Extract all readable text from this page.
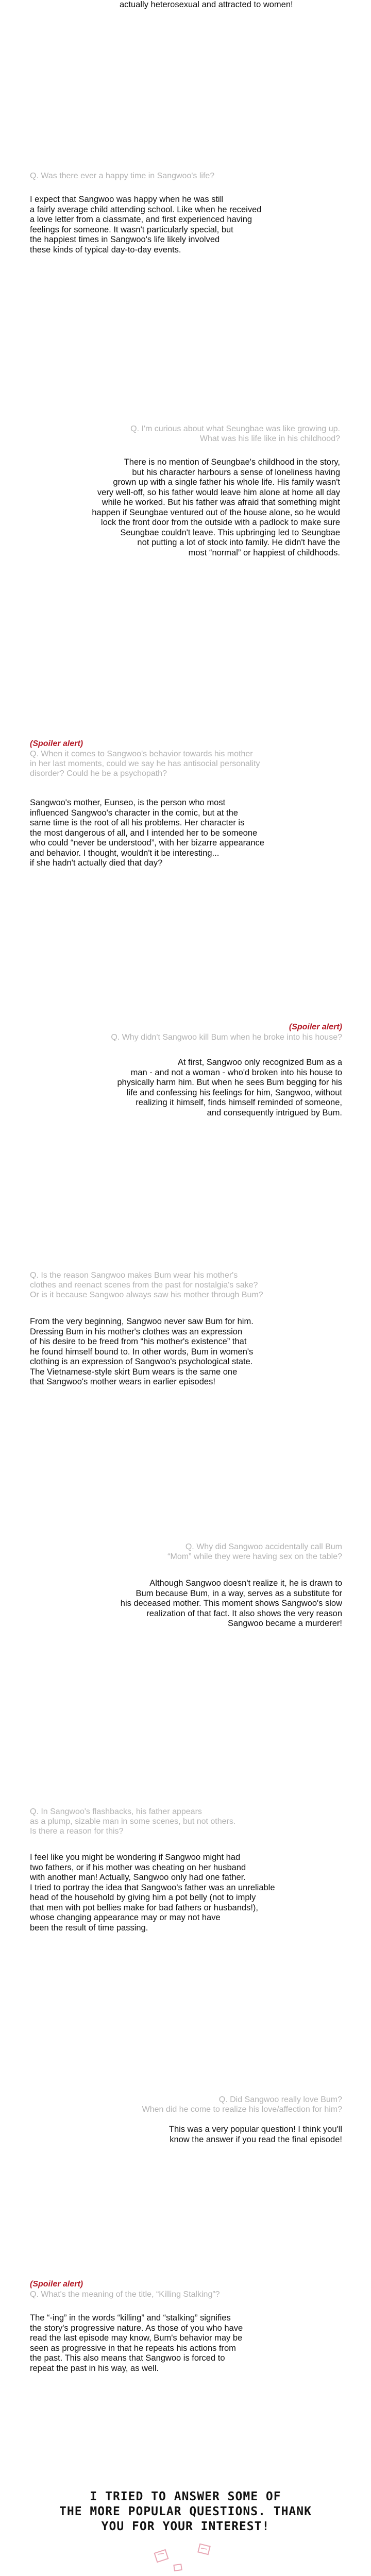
actually heterosexual and attracted to women!
Q. Was there ever a happy time in Sangwoo's life?
I expect that Sangwoo was happy when he was still
a fairly average child attending school. Like when he received
a love letter from a classmate, and first experienced having
feelings for someone. It wasn't particularly special, but
the happiest times in Sangwoo's life likely involved
these kinds of typical day-to-day events.
Q. I'm curious about what Seungbae was like growing up.
What was his life like in his childhood?
There is no mention of Seungbae's childhood in the story,
but his character harbours a sense of loneliness having
grown up with a single father his whole life. His family wasn't
very well-off, so his father would leave him alone at home all day
while he worked. But his father was afraid that something might
happen if Seungbae ventured out of the house alone, so he would
lock the front door from the outside with a padlock to make sure
Seungbae couldn't leave. This upbringing led to Seungbae
not putting a lot of stock into family. He didn't have the
most “normal” or happiest of childhoods.
(Spoiler alert)
Q. When it comes to Sangwoo's behavior towards his mother
in her last moments, could we say he has antisocial personality
disorder? Could he be a psychopath?
Sangwoo's mother, Eunseo, is the person who most
influenced Sangwoo's character in the comic, but at the
same time is the root of all his problems. Her character is
the most dangerous of all, and I intended her to be someone
who could “never be understood”, with her bizarre appearance
and behavior. I thought, wouldn't it be interesting...
if she hadn't actually died that day?
(Spoiler alert)
Q. Why didn't Sangwoo kill Bum when he broke into his house?
At first, Sangwoo only recognized Bum as a
man - and not a woman - who'd broken into his house to
physically harm him. But when he sees Bum begging for his
life and confessing his feelings for him, Sangwoo, without
realizing it himself, finds himself reminded of someone,
and consequently intrigued by Bum.
Q. Is the reason Sangwoo makes Bum wear his mother's
clothes and reenact scenes from the past for nostalgia's sake?
Or is it because Sangwoo always saw his mother through Bum?
From the very beginning, Sangwoo never saw Bum for him.
Dressing Bum in his mother's clothes was an expression
of his desire to be freed from “his mother's existence” that
he found himself bound to. In other words, Bum in women's
clothing is an expression of Sangwoo's psychological state.
The Vietnamese-style skirt Bum wears is the same one
that Sangwoo's mother wears in earlier episodes!
Q. Why did Sangwoo accidentally call Bum
“Mom” while they were having sex on the table?
Although Sangwoo doesn't realize it, he is drawn to
Bum because Bum, in a way, serves as a substitute for
his deceased mother. This moment shows Sangwoo's slow
realization of that fact. It also shows the very reason
Sangwoo became a murderer!
Q. In Sangwoo's flashbacks, his father appears
as a plump, sizable man in some scenes, but not others.
Is there a reason for this?
I feel like you might be wondering if Sangwoo might had
two fathers, or if his mother was cheating on her husband
with another man! Actually, Sangwoo only had one father.
I tried to portray the idea that Sangwoo's father was an unreliable
head of the household by giving him a pot belly (not to imply
that men with pot bellies make for bad fathers or husbands!),
whose changing appearance may or may not have
been the result of time passing.
Q. Did Sangwoo really love Bum?
When did he come to realize his love/affection for him?
This was a very popular question! I think you'll
know the answer if you read the final episode!
(Spoiler alert)
Q. What's the meaning of the title, “Killing Stalking”?
The “-ing” in the words “killing” and “stalking” signifies
the story's progressive nature. As those of you who have
read the last episode may know, Bum's behavior may be
seen as progressive in that he repeats his actions from
the past. This also means that Sangwoo is forced to
repeat the past in his way, as well.
I TRIED TO ANSWER SOME OF
THE MORE POPULAR QUESTIONS. THANK
YOU FOR YOUR INTEREST!
